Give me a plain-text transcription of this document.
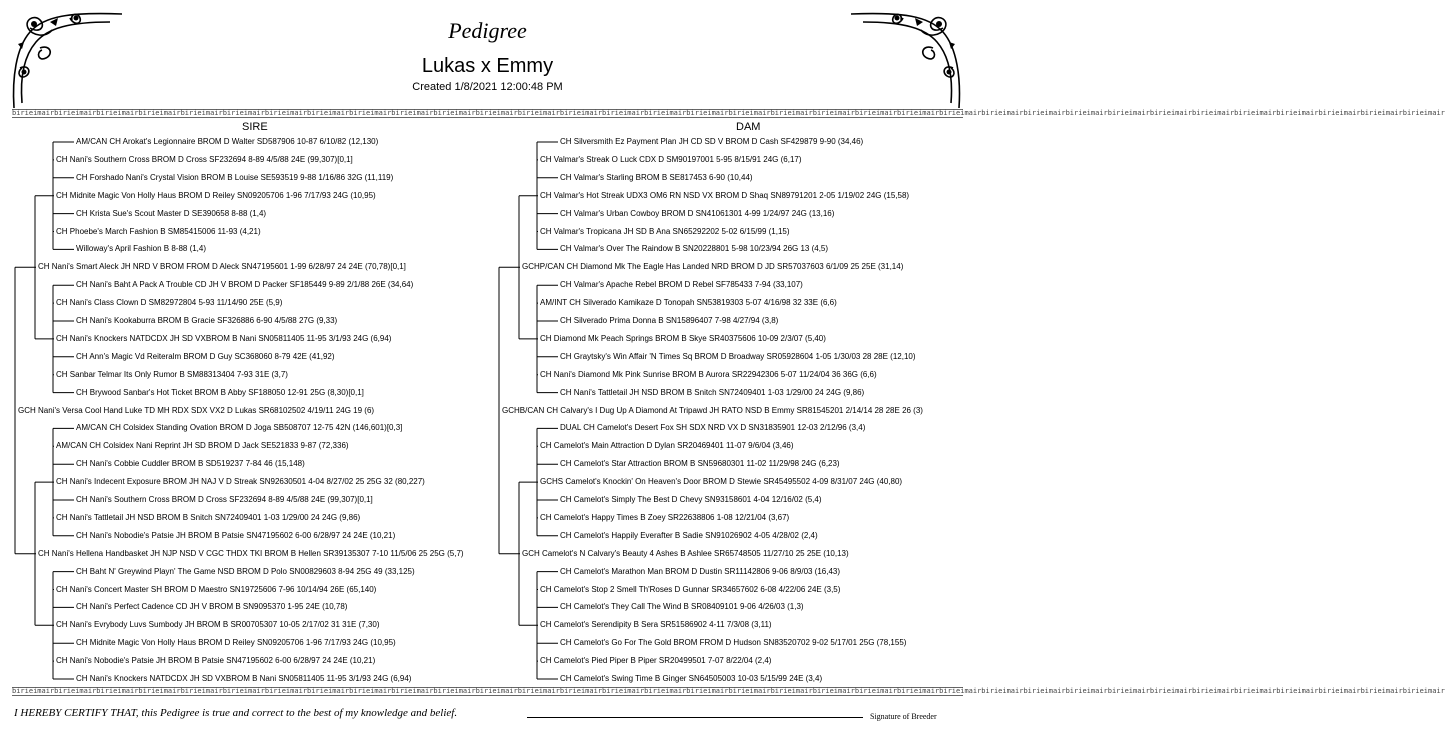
Pedigree
Lukas x Emmy
Created 1/8/2021 12:00:48 PM
birieimairbirieimairbirieimairbirieimairbirieimairbirieimairbirieimairbirieimairbirieimairbirieimairbirieimairbirieimairbirieimairbirieimairbirieimairbirieimairbirieimairbirieimairbirieimairbirieimairbirieimairbirieimairbirieimairbirieimairbirieimairbirieimairbirieimairbirieimairbirieimairbirieimairbirieimairbirieimairbirieimairbirieimair
SIRE	DAM
AM/CAN CH Arokat's Legionnaire BROM D Walter SD587906 10-87 6/10/82 (12,130)
CH Nani's Southern Cross BROM D Cross SF232694 8-89 4/5/88 24E (99,307)[0,1]
CH Forshado Nani's Crystal Vision BROM B Louise SE593519 9-88 1/16/86 32G (11,119)
CH Midnite Magic Von Holly Haus BROM D Reiley SN09205706 1-96 7/17/93 24G (10,95)
CH Krista Sue's Scout Master D SE390658 8-88 (1,4)
CH Phoebe's March Fashion B SM85415006 11-93 (4,21)
Willoway's April Fashion B 8-88 (1,4)
CH Nani's Smart Aleck JH NRD V BROM FROM D Aleck SN47195601 1-99 6/28/97 24 24E (70,78)[0,1]
CH Nani's Baht A Pack A Trouble CD JH V BROM D Packer SF185449 9-89 2/1/88 26E (34,64)
CH Nani's Class Clown D SM82972804 5-93 11/14/90 25E (5,9)
CH Nani's Kookaburra BROM B Gracie SF326886 6-90 4/5/88 27G (9,33)
CH Nani's Knockers NATDCDX JH SD VXBROM B Nani SN05811405 11-95 3/1/93 24G (6,94)
CH Ann's Magic Vd Reiteralm BROM D Guy SC368060 8-79 42E (41,92)
CH Sanbar Telmar Its Only Rumor B SM88313404 7-93 31E (3,7)
CH Brywood Sanbar's Hot Ticket BROM B Abby SF188050 12-91 25G (8,30)[0,1]
GCH Nani's Versa Cool Hand Luke TD MH RDX SDX VX2 D Lukas SR68102502 4/19/11 24G 19 (6)
AM/CAN CH Colsidex Standing Ovation BROM D Joga SB508707 12-75 42N (146,601)[0,3]
AM/CAN CH Colsidex Nani Reprint JH SD BROM D Jack SE521833 9-87 (72,336)
CH Nani's Cobbie Cuddler BROM B SD519237 7-84 46 (15,148)
CH Nani's Indecent Exposure BROM JH NAJ V D Streak SN92630501 4-04 8/27/02 25 25G 32 (80,227)
CH Nani's Southern Cross BROM D Cross SF232694 8-89 4/5/88 24E (99,307)[0,1]
CH Nani's Tattletail JH NSD BROM B Snitch SN72409401 1-03 1/29/00 24 24G (9,86)
CH Nani's Nobodie's Patsie JH BROM B Patsie SN47195602 6-00 6/28/97 24 24E (10,21)
CH Nani's Hellena Handbasket JH NJP NSD V CGC THDX TKI BROM B Hellen SR39135307 7-10 11/5/06 25 25G (5,7)
CH Baht N' Greywind Playn' The Game NSD BROM D Polo SN00829603 8-94 25G 49 (33,125)
CH Nani's Concert Master SH BROM D Maestro SN19725606 7-96 10/14/94 26E (65,140)
CH Nani's Perfect Cadence CD JH V BROM B SN9095370 1-95 24E (10,78)
CH Nani's Evrybody Luvs Sumbody JH BROM B SR00705307 10-05 2/17/02 31 31E (7,30)
CH Midnite Magic Von Holly Haus BROM D Reiley SN09205706 1-96 7/17/93 24G (10,95)
CH Nani's Nobodie's Patsie JH BROM B Patsie SN47195602 6-00 6/28/97 24 24E (10,21)
CH Nani's Knockers NATDCDX JH SD VXBROM B Nani SN05811405 11-95 3/1/93 24G (6,94)
CH Silversmith Ez Payment Plan JH CD SD V BROM D Cash SF429879 9-90 (34,46)
CH Valmar's Streak O Luck CDX D SM90197001 5-95 8/15/91 24G (6,17)
CH Valmar's Starling BROM B SE817453 6-90 (10,44)
CH Valmar's Hot Streak UDX3 OM6 RN NSD VX BROM D Shaq SN89791201 2-05 1/19/02 24G (15,58)
CH Valmar's Urban Cowboy BROM D SN41061301 4-99 1/24/97 24G (13,16)
CH Valmar's Tropicana JH SD B Ana SN65292202 5-02 6/15/99 (1,15)
CH Valmar's Over The Raindow B SN20228801 5-98 10/23/94 26G 13 (4,5)
GCHP/CAN CH Diamond Mk The Eagle Has Landed NRD BROM D JD SR57037603 6/1/09 25 25E (31,14)
CH Valmar's Apache Rebel BROM D Rebel SF785433 7-94 (33,107)
AM/INT CH Silverado Kamikaze D Tonopah SN53819303 5-07 4/16/98 32 33E (6,6)
CH Silverado Prima Donna B SN15896407 7-98 4/27/94 (3,8)
CH Diamond Mk Peach Springs BROM B Skye SR40375606 10-09 2/3/07 (5,40)
CH Graytsky's Win Affair 'N Times Sq BROM D Broadway SR05928604 1-05 1/30/03 28 28E (12,10)
CH Nani's Diamond Mk Pink Sunrise BROM B Aurora SR22942306 5-07 11/24/04 36 36G (6,6)
CH Nani's Tattletail JH NSD BROM B Snitch SN72409401 1-03 1/29/00 24 24G (9,86)
GCHB/CAN CH Calvary's I Dug Up A Diamond At Tripawd JH RATO NSD B Emmy SR81545201 2/14/14 28 28E 26 (3)
DUAL CH Camelot's Desert Fox SH SDX NRD VX D SN31835901 12-03 2/12/96 (3,4)
CH Camelot's Main Attraction D Dylan SR20469401 11-07 9/6/04 (3,46)
CH Camelot's Star Attraction BROM B SN59680301 11-02 11/29/98 24G (6,23)
GCHS Camelot's Knockin' On Heaven's Door BROM D Stewie SR45495502 4-09 8/31/07 24G (40,80)
CH Camelot's Simply The Best D Chevy SN93158601 4-04 12/16/02 (5,4)
CH Camelot's Happy Times B Zoey SR22638806 1-08 12/21/04 (3,67)
CH Camelot's Happily Everafter B Sadie SN91026902 4-05 4/28/02 (2,4)
GCH Camelot's N Calvary's Beauty 4 Ashes B Ashlee SR65748505 11/27/10 25 25E (10,13)
CH Camelot's Marathon Man BROM D Dustin SR11142806 9-06 8/9/03 (16,43)
CH Camelot's Stop 2 Smell Th'Roses D Gunnar SR34657602 6-08 4/22/06 24E (3,5)
CH Camelot's They Call The Wind B SR08409101 9-06 4/26/03 (1,3)
CH Camelot's Serendipity B Sera SR51586902 4-11 7/3/08 (3,11)
CH Camelot's Go For The Gold BROM FROM D Hudson SN83520702 9-02 5/17/01 25G (78,155)
CH Camelot's Pied Piper B Piper SR20499501 7-07 8/22/04 (2,4)
CH Camelot's Swing Time B Ginger SN64505003 10-03 5/15/99 24E (3,4)
birieimairbirieimairbirieimairbirieimairbirieimairbirieimairbirieimairbirieimairbirieimairbirieimairbirieimairbirieimairbirieimairbirieimairbirieimairbirieimairbirieimairbirieimairbirieimairbirieimairbirieimairbirieimairbirieimairbirieimairbirieimairbirieimairbirieimairbirieimairbirieimairbirieimairbirieimairbirieimairbirieimairbirieimair
I HEREBY CERTIFY THAT, this Pedigree is true and correct to the best of my knowledge and belief.	Signature of Breeder
